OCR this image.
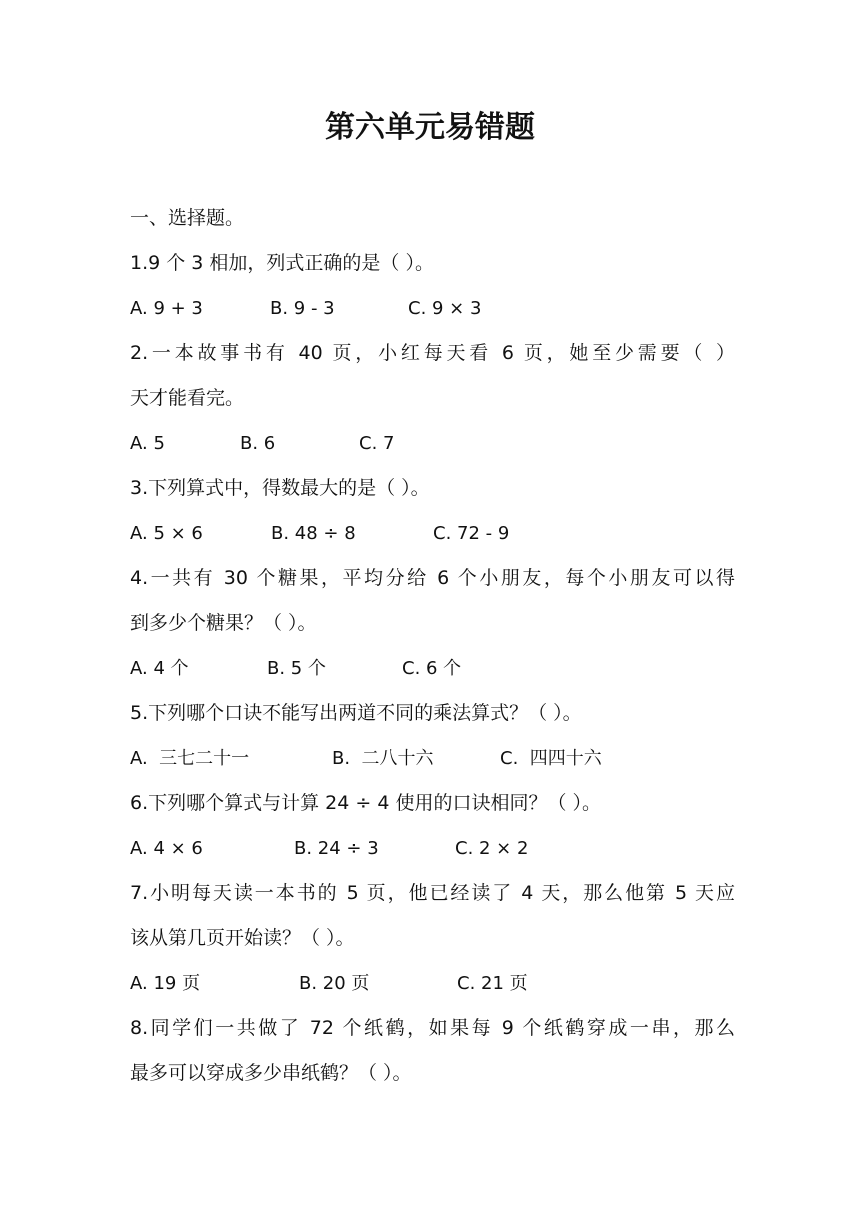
第六单元易错题

一、选择题。

1.9 个 3 相加，列式正确的是（ ）。

A. 9 + 3	B. 9 - 3	C. 9 × 3

2.一本故事书有 40 页，小红每天看 6 页，她至少需要（ ）

天才能看完。

A. 5	B. 6	C. 7

3.下列算式中，得数最大的是（ ）。

A. 5 × 6	B. 48 ÷ 8	C. 72 - 9

4.一共有 30 个糖果，平均分给 6 个小朋友，每个小朋友可以得

到多少个糖果？（ ）。

A. 4 个	B. 5 个	C. 6 个

5.下列哪个口诀不能写出两道不同的乘法算式？（ ）。

A.  三七二十一	B.  二八十六	C.  四四十六

6.下列哪个算式与计算 24 ÷ 4 使用的口诀相同？（ ）。

A. 4 × 6	B. 24 ÷ 3	C. 2 × 2

7.小明每天读一本书的 5 页，他已经读了 4 天，那么他第 5 天应

该从第几页开始读？（ ）。

A. 19 页	B. 20 页	C. 21 页

8.同学们一共做了 72 个纸鹤，如果每 9 个纸鹤穿成一串，那么

最多可以穿成多少串纸鹤？（ ）。
